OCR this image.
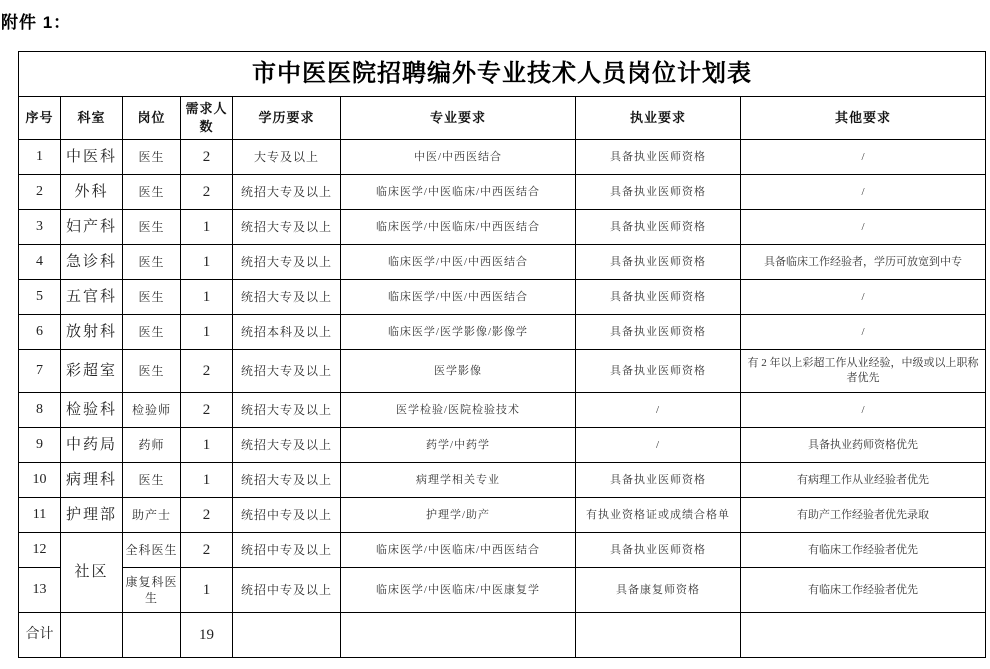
附件 1：
市中医医院招聘编外专业技术人员岗位计划表							
序号	科室	岗位	需求人数	学历要求	专业要求	执业要求	其他要求
1	中医科	医生	2	大专及以上	中医/中西医结合	具备执业医师资格	/
2	外科	医生	2	统招大专及以上	临床医学/中医临床/中西医结合	具备执业医师资格	/
3	妇产科	医生	1	统招大专及以上	临床医学/中医临床/中西医结合	具备执业医师资格	/
4	急诊科	医生	1	统招大专及以上	临床医学/中医/中西医结合	具备执业医师资格	具备临床工作经验者，学历可放宽到中专
5	五官科	医生	1	统招大专及以上	临床医学/中医/中西医结合	具备执业医师资格	/
6	放射科	医生	1	统招本科及以上	临床医学/医学影像/影像学	具备执业医师资格	/
7	彩超室	医生	2	统招大专及以上	医学影像	具备执业医师资格	有 2 年以上彩超工作从业经验，中级或以上职称者优先
8	检验科	检验师	2	统招大专及以上	医学检验/医院检验技术	/	/
9	中药局	药师	1	统招大专及以上	药学/中药学	/	具备执业药师资格优先
10	病理科	医生	1	统招大专及以上	病理学相关专业	具备执业医师资格	有病理工作从业经验者优先
11	护理部	助产士	2	统招中专及以上	护理学/助产	有执业资格证或成绩合格单	有助产工作经验者优先录取
12	社区	全科医生	2	统招中专及以上	临床医学/中医临床/中西医结合	具备执业医师资格	有临床工作经验者优先
13		康复科医生	1	统招中专及以上	临床医学/中医临床/中医康复学	具备康复师资格	有临床工作经验者优先
合计			19				
